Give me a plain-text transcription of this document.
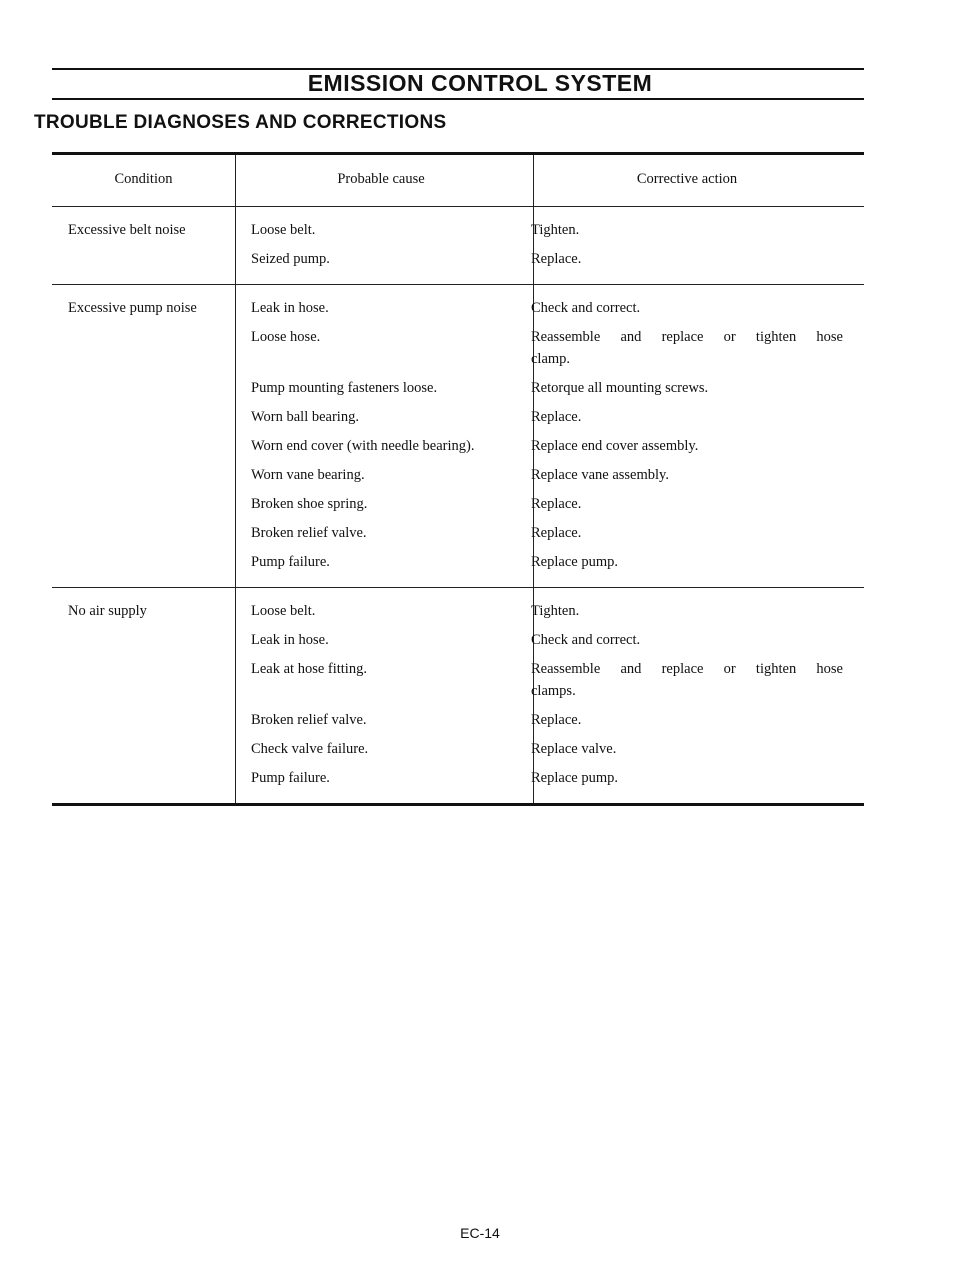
EMISSION CONTROL SYSTEM
TROUBLE DIAGNOSES AND CORRECTIONS
Condition	Probable cause	Corrective action
Excessive belt noise	Loose belt.	Tighten.
Seized pump.	Replace.
Excessive pump noise	Leak in hose.	Check and correct.
Loose hose.	Reassemble and replace or tighten hose
clamp.
Pump mounting fasteners loose.	Retorque all mounting screws.
Worn ball bearing.	Replace.
Worn end cover (with needle bearing).	Replace end cover assembly.
Worn vane bearing.	Replace vane assembly.
Broken shoe spring.	Replace.
Broken relief valve.	Replace.
Pump failure.	Replace pump.
No air supply	Loose belt.	Tighten.
Leak in hose.	Check and correct.
Leak at hose fitting.	Reassemble and replace or tighten hose
clamps.
Broken relief valve.	Replace.
Check valve failure.	Replace valve.
Pump failure.	Replace pump.
EC-14
